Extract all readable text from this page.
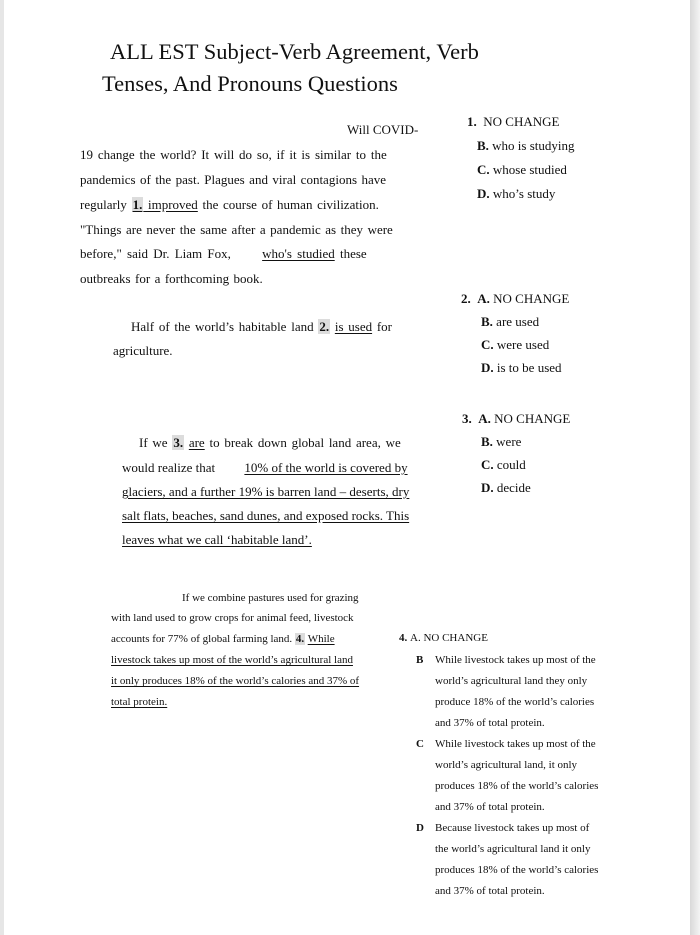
ALL EST Subject-Verb Agreement, Verb
Tenses, And Pronouns Questions
Will COVID-
19 change the world? It will do so, if it is similar to the
pandemics of the past. Plagues and viral contagions have
regularly 1. improved the course of human civilization.
"Things are never the same after a pandemic as they were
before," said Dr. Liam Fox, who's studied these
outbreaks for a forthcoming book.
1. NO CHANGE
B. who is studying
C. whose studied
D. who’s study
Half of the world’s habitable land 2. is used for
agriculture.
2. A. NO CHANGE
B. are used
C. were used
D. is to be used
If we 3. are to break down global land area, we
would realize that 10% of the world is covered by
glaciers, and a further 19% is barren land – deserts, dry
salt flats, beaches, sand dunes, and exposed rocks. This
leaves what we call ‘habitable land’.
3. A. NO CHANGE
B. were
C. could
D. decide
If we combine pastures used for grazing
with land used to grow crops for animal feed, livestock
accounts for 77% of global farming land. 4. While
livestock takes up most of the world’s agricultural land
it only produces 18% of the world’s calories and 37% of
total protein.
4. A. NO CHANGE
B While livestock takes up most of the
world’s agricultural land they only
produce 18% of the world’s calories
and 37% of total protein.
C While livestock takes up most of the
world’s agricultural land, it only
produces 18% of the world’s calories
and 37% of total protein.
D Because livestock takes up most of
the world’s agricultural land it only
produces 18% of the world’s calories
and 37% of total protein.
